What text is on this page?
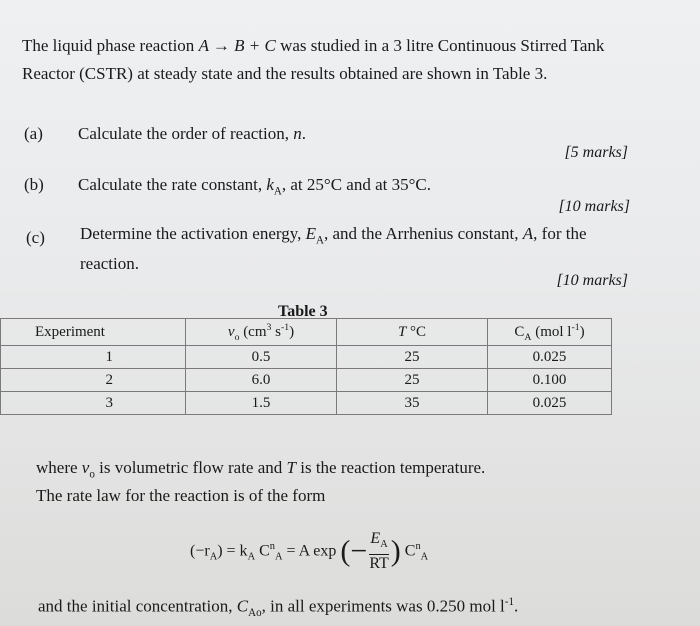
The liquid phase reaction A → B + C was studied in a 3 litre Continuous Stirred Tank
Reactor (CSTR) at steady state and the results obtained are shown in Table 3.
(a) Calculate the order of reaction, n.
[5 marks]
(b) Calculate the rate constant, $k_A$, at 25°C and at 35°C.
[10 marks]
(c) Determine the activation energy, $E_A$, and the Arrhenius constant, A, for the
reaction.
[10 marks]
Table 3
Experiment	$v_o$ ($cm^3$ $s^{-1}$)	T °C	$C_A$ (mol $l^{-1}$)
1	0.5	25	0.025
2	6.0	25	0.100
3	1.5	35	0.025
where $v_o$ is volumetric flow rate and T is the reaction temperature.
The rate law for the reaction is of the form
$(-r_A) = k_A$ $C^n_A = A$ exp (− $\frac{E_A}{RT}$ ) $C^n_A$
and the initial concentration, $C_{Ao}$, in all experiments was 0.250 mol $l^{-1}$.
